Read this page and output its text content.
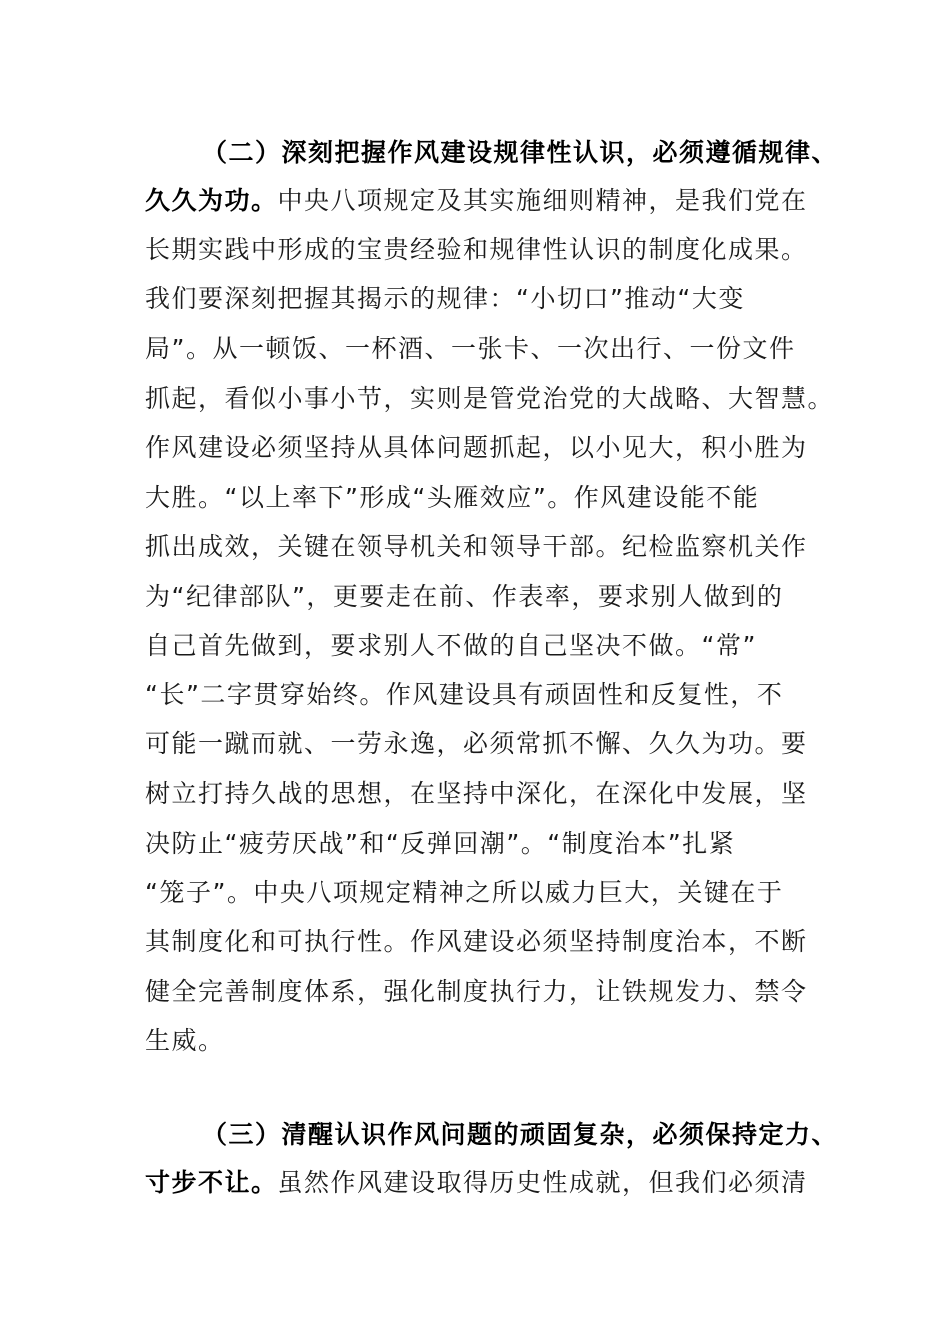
（二）深刻把握作风建设规律性认识，必须遵循规律、
久久为功。中央八项规定及其实施细则精神，是我们党在
长期实践中形成的宝贵经验和规律性认识的制度化成果。
我们要深刻把握其揭示的规律：“小切口”推动“大变
局”。从一顿饭、一杯酒、一张卡、一次出行、一份文件
抓起，看似小事小节，实则是管党治党的大战略、大智慧。
作风建设必须坚持从具体问题抓起，以小见大，积小胜为
大胜。“以上率下”形成“头雁效应”。作风建设能不能
抓出成效，关键在领导机关和领导干部。纪检监察机关作
为“纪律部队”，更要走在前、作表率，要求别人做到的
自己首先做到，要求别人不做的自己坚决不做。“常”
“长”二字贯穿始终。作风建设具有顽固性和反复性，不
可能一蹴而就、一劳永逸，必须常抓不懈、久久为功。要
树立打持久战的思想，在坚持中深化，在深化中发展，坚
决防止“疲劳厌战”和“反弹回潮”。“制度治本”扎紧
“笼子”。中央八项规定精神之所以威力巨大，关键在于
其制度化和可执行性。作风建设必须坚持制度治本，不断
健全完善制度体系，强化制度执行力，让铁规发力、禁令
生威。
（三）清醒认识作风问题的顽固复杂，必须保持定力、
寸步不让。虽然作风建设取得历史性成就，但我们必须清
